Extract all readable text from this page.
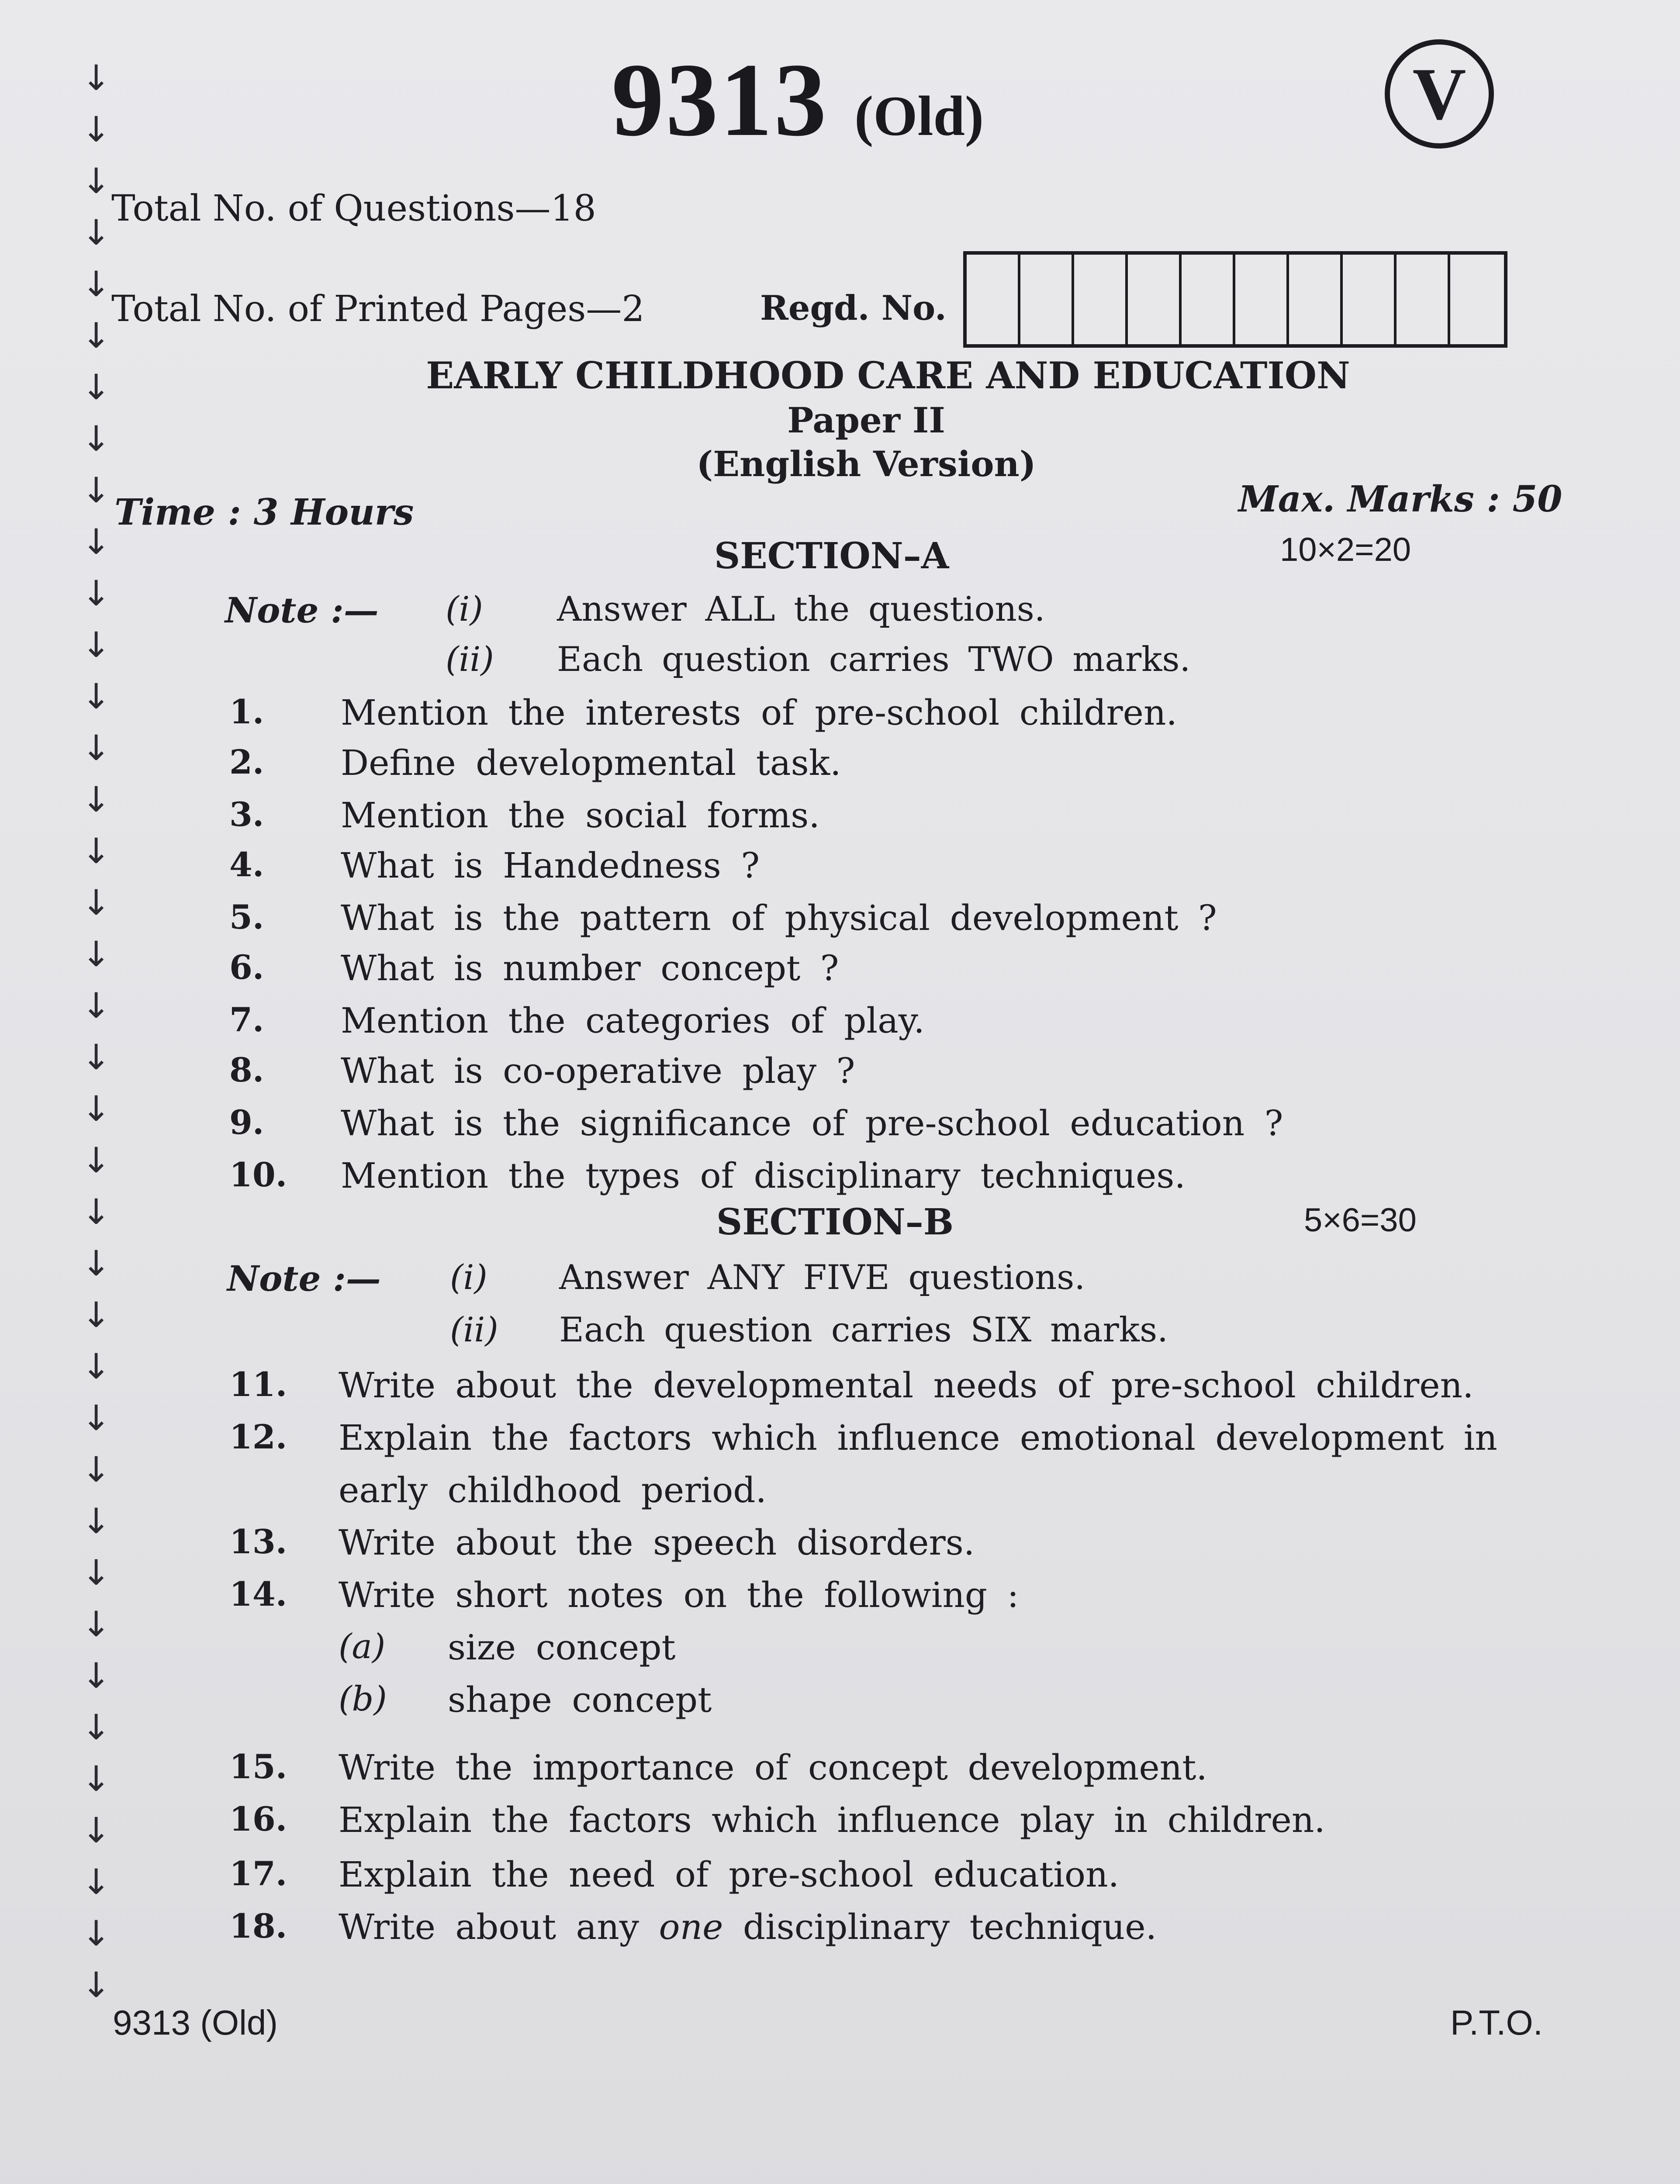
↓
↓
↓
↓
↓
↓
↓
↓
↓
↓
↓
↓
↓
↓
↓
↓
↓
↓
↓
↓
↓
↓
↓
↓
↓
↓
↓
↓
↓
↓
↓
↓
↓
↓
↓
↓
↓
↓
9313 (Old)	V
Total No. of Questions—18
Total No. of Printed Pages—2	Regd. No.
EARLY CHILDHOOD CARE AND EDUCATION
Paper II
(English Version)
Time : 3 Hours	Max. Marks : 50
SECTION–A	10×2=20
Note :— (i) Answer ALL the questions.
(ii) Each question carries TWO marks.
1. Mention the interests of pre-school children.
2. Define developmental task.
3. Mention the social forms.
4. What is Handedness ?
5. What is the pattern of physical development ?
6. What is number concept ?
7. Mention the categories of play.
8. What is co-operative play ?
9. What is the significance of pre-school education ?
10. Mention the types of disciplinary techniques.
SECTION–B	5×6=30
Note :— (i) Answer ANY FIVE questions.
(ii) Each question carries SIX marks.
11. Write about the developmental needs of pre-school children.
12. Explain the factors which influence emotional development in
early childhood period.
13. Write about the speech disorders.
14. Write short notes on the following :
15. Write the importance of concept development.
16. Explain the factors which influence play in children.
17. Explain the need of pre-school education.
18. Write about any one disciplinary technique.
(a) size concept
(b) shape concept
9313 (Old)	P.T.O.
